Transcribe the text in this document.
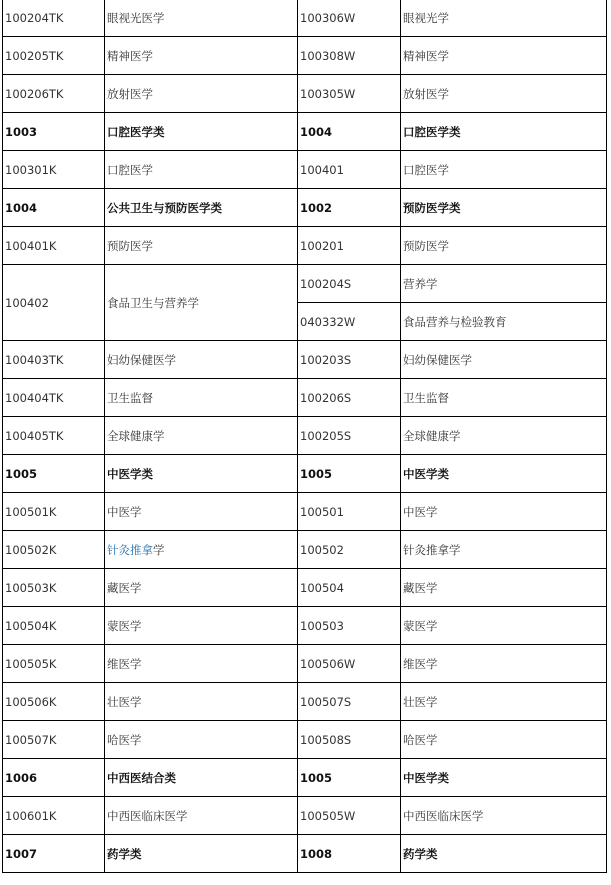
100204TK	眼视光医学	100306W	眼视光学
100205TK	精神医学	100308W	精神医学
100206TK	放射医学	100305W	放射医学
1003	口腔医学类	1004	口腔医学类
100301K	口腔医学	100401	口腔医学
1004	公共卫生与预防医学类	1002	预防医学类
100401K	预防医学	100201	预防医学
100402	食品卫生与营养学	100204S	营养学
		040332W	食品营养与检验教育
100403TK	妇幼保健医学	100203S	妇幼保健医学
100404TK	卫生监督	100206S	卫生监督
100405TK	全球健康学	100205S	全球健康学
1005	中医学类	1005	中医学类
100501K	中医学	100501	中医学
100502K	针灸推拿学	100502	针灸推拿学
100503K	藏医学	100504	藏医学
100504K	蒙医学	100503	蒙医学
100505K	维医学	100506W	维医学
100506K	壮医学	100507S	壮医学
100507K	哈医学	100508S	哈医学
1006	中西医结合类	1005	中医学类
100601K	中西医临床医学	100505W	中西医临床医学
1007	药学类	1008	药学类
